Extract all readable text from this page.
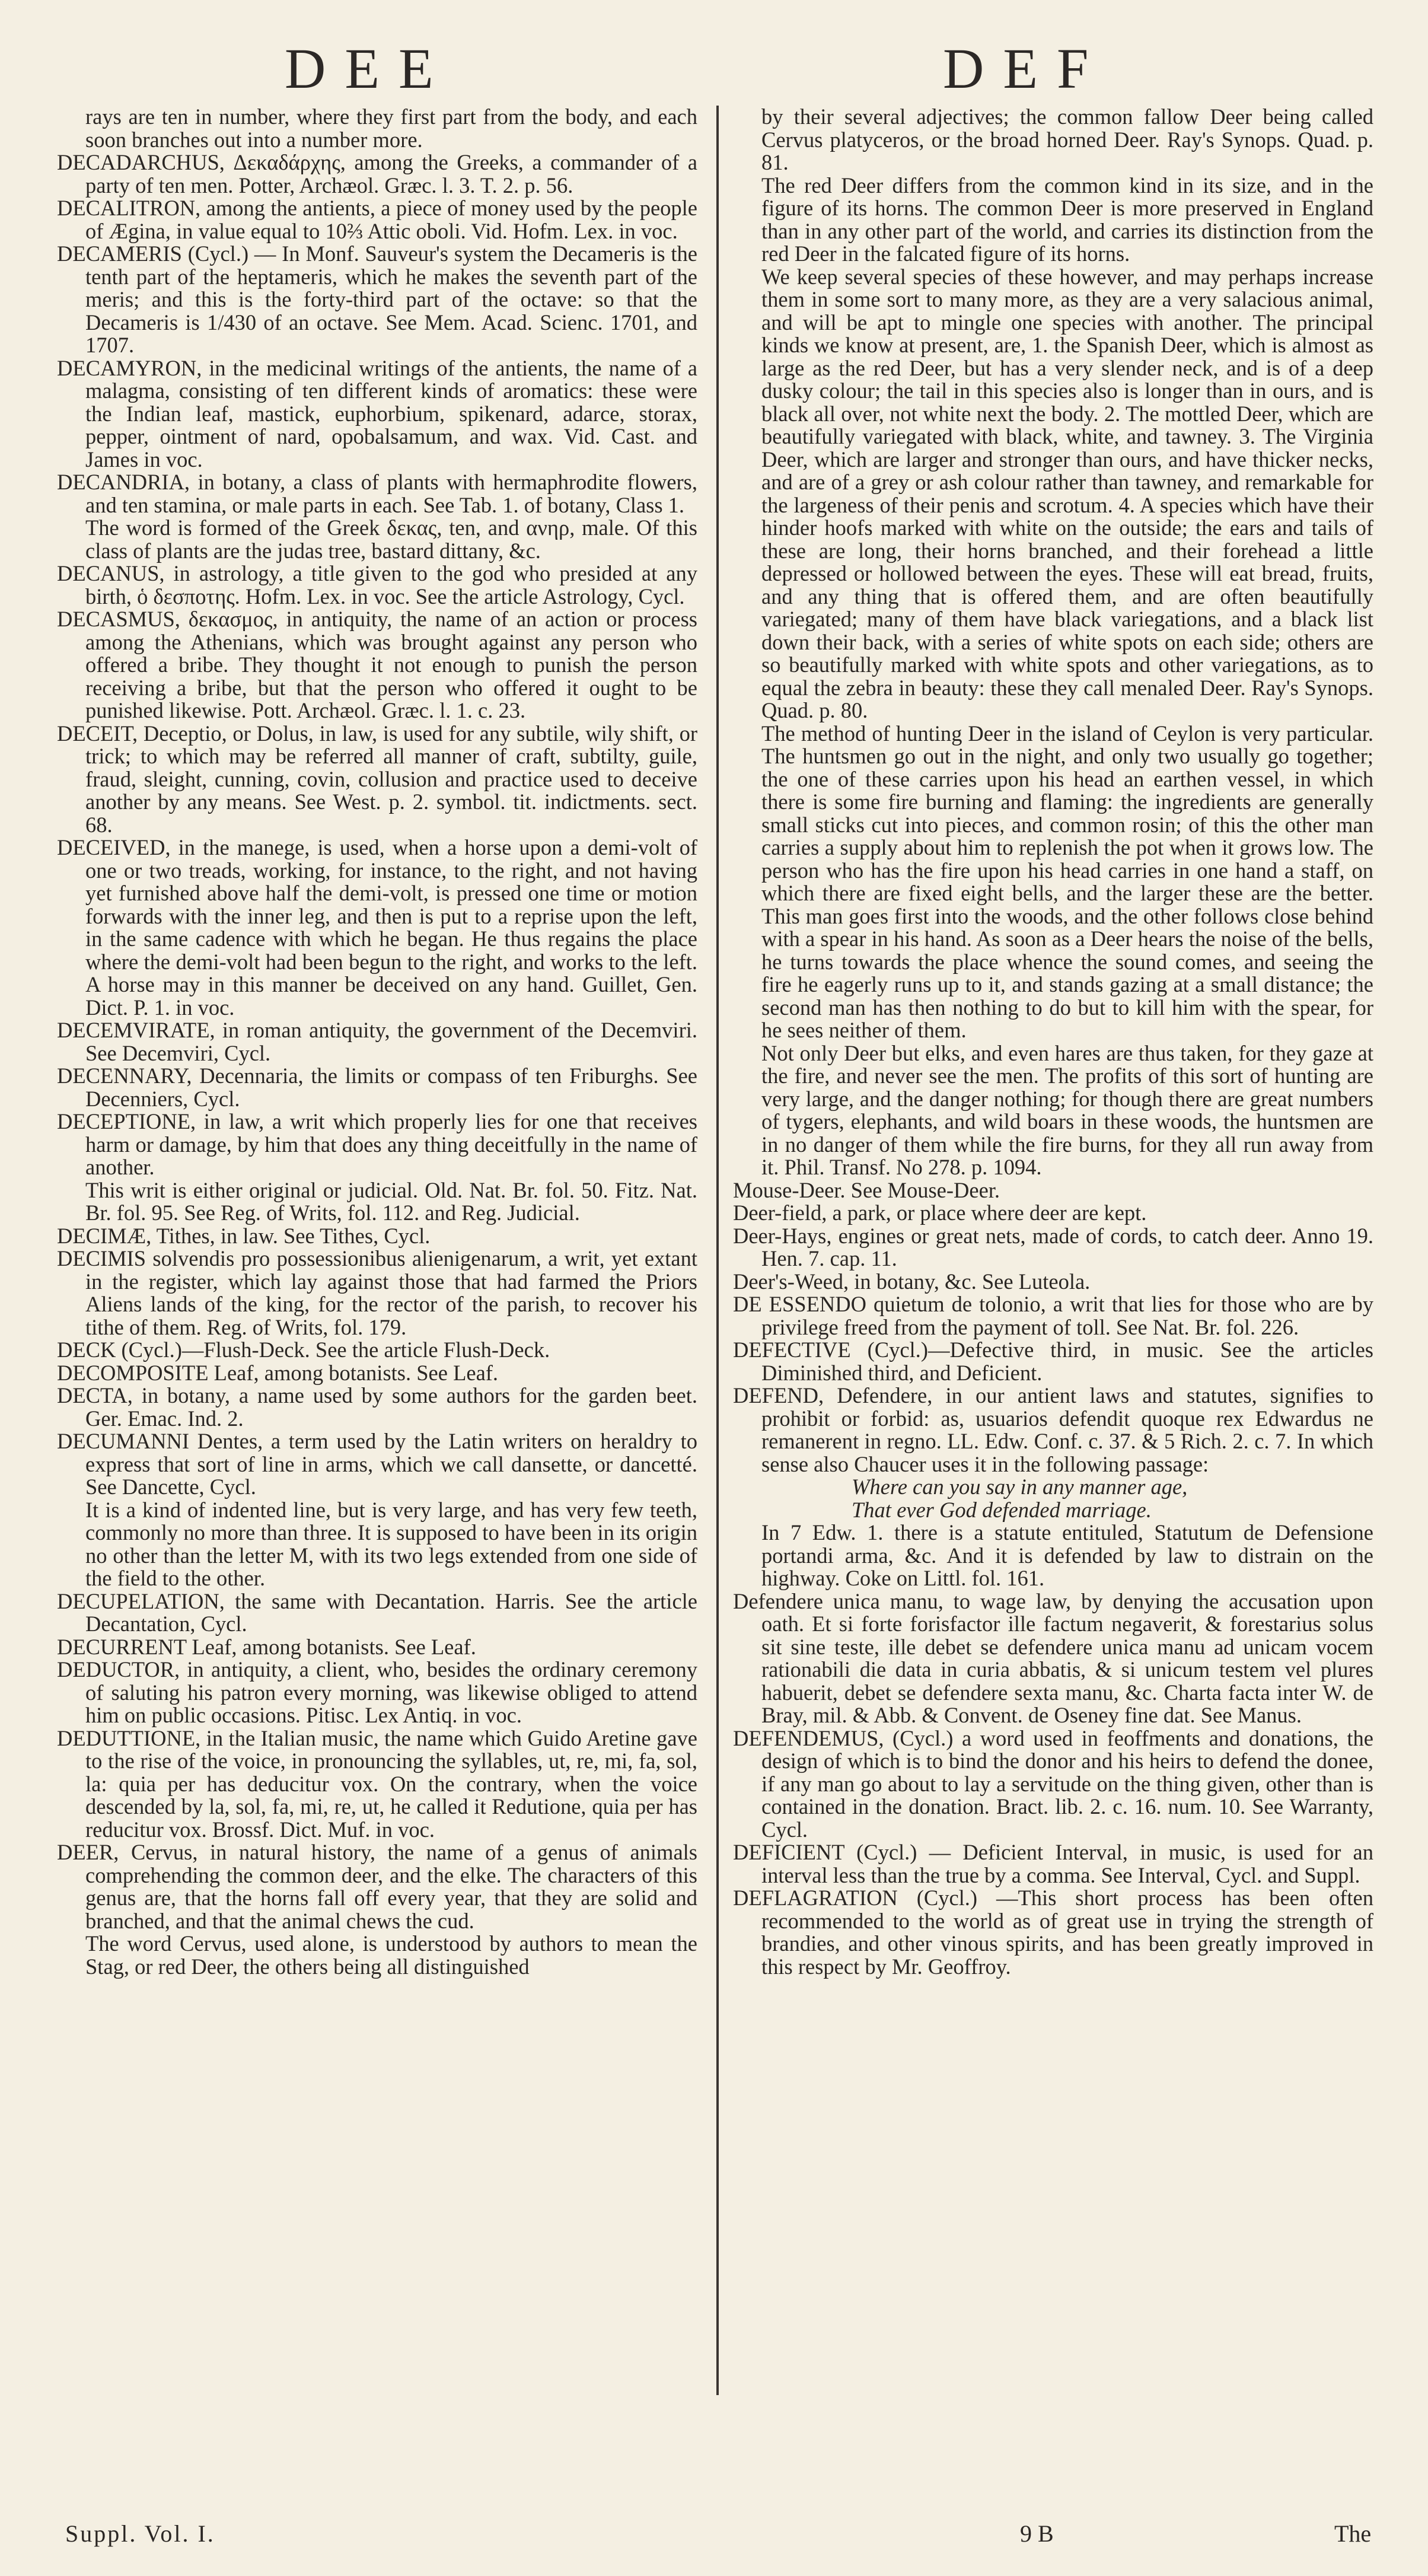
DEE	DEF

rays are ten in number, where they first part from the body, and each soon branches out into a number more.

DECADARCHUS, Δεκαδάρχης, among the Greeks, a commander of a party of ten men. Potter, Archæol. Græc. l. 3. T. 2. p. 56.

DECALITRON, among the antients, a piece of money used by the people of Ægina, in value equal to 10⅔ Attic oboli. Vid. Hofm. Lex. in voc.

DECAMERIS (Cycl.) — In Monf. Sauveur's system the Decameris is the tenth part of the heptameris, which he makes the seventh part of the meris; and this is the forty-third part of the octave: so that the Decameris is 1/430 of an octave. See Mem. Acad. Scienc. 1701, and 1707.

DECAMYRON, in the medicinal writings of the antients, the name of a malagma, consisting of ten different kinds of aromatics: these were the Indian leaf, mastick, euphorbium, spikenard, adarce, storax, pepper, ointment of nard, opobalsamum, and wax. Vid. Cast. and James in voc.

DECANDRIA, in botany, a class of plants with hermaphrodite flowers, and ten stamina, or male parts in each. See Tab. 1. of botany, Class 1.

The word is formed of the Greek δεκας, ten, and ανηρ, male. Of this class of plants are the judas tree, bastard dittany, &c.

DECANUS, in astrology, a title given to the god who presided at any birth, ὁ δεσποτης. Hofm. Lex. in voc. See the article Astrology, Cycl.

DECASMUS, δεκασμος, in antiquity, the name of an action or process among the Athenians, which was brought against any person who offered a bribe. They thought it not enough to punish the person receiving a bribe, but that the person who offered it ought to be punished likewise. Pott. Archæol. Græc. l. 1. c. 23.

DECEIT, Deceptio, or Dolus, in law, is used for any subtile, wily shift, or trick; to which may be referred all manner of craft, subtilty, guile, fraud, sleight, cunning, covin, collusion and practice used to deceive another by any means. See West. p. 2. symbol. tit. indictments. sect. 68.

DECEIVED, in the manege, is used, when a horse upon a demi-volt of one or two treads, working, for instance, to the right, and not having yet furnished above half the demi-volt, is pressed one time or motion forwards with the inner leg, and then is put to a reprise upon the left, in the same cadence with which he began. He thus regains the place where the demi-volt had been begun to the right, and works to the left. A horse may in this manner be deceived on any hand. Guillet, Gen. Dict. P. 1. in voc.

DECEMVIRATE, in roman antiquity, the government of the Decemviri. See Decemviri, Cycl.

DECENNARY, Decennaria, the limits or compass of ten Friburghs. See Decenniers, Cycl.

DECEPTIONE, in law, a writ which properly lies for one that receives harm or damage, by him that does any thing deceitfully in the name of another.

This writ is either original or judicial. Old. Nat. Br. fol. 50. Fitz. Nat. Br. fol. 95. See Reg. of Writs, fol. 112. and Reg. Judicial.

DECIMÆ, Tithes, in law. See Tithes, Cycl.

DECIMIS solvendis pro possessionibus alienigenarum, a writ, yet extant in the register, which lay against those that had farmed the Priors Aliens lands of the king, for the rector of the parish, to recover his tithe of them. Reg. of Writs, fol. 179.

DECK (Cycl.)—Flush-Deck. See the article Flush-Deck.

DECOMPOSITE Leaf, among botanists. See Leaf.

DECTA, in botany, a name used by some authors for the garden beet. Ger. Emac. Ind. 2.

DECUMANNI Dentes, a term used by the Latin writers on heraldry to express that sort of line in arms, which we call dansette, or dancetté. See Dancette, Cycl.

It is a kind of indented line, but is very large, and has very few teeth, commonly no more than three. It is supposed to have been in its origin no other than the letter M, with its two legs extended from one side of the field to the other.

DECUPELATION, the same with Decantation. Harris. See the article Decantation, Cycl.

DECURRENT Leaf, among botanists. See Leaf.

DEDUCTOR, in antiquity, a client, who, besides the ordinary ceremony of saluting his patron every morning, was likewise obliged to attend him on public occasions. Pitisc. Lex Antiq. in voc.

DEDUTTIONE, in the Italian music, the name which Guido Aretine gave to the rise of the voice, in pronouncing the syllables, ut, re, mi, fa, sol, la: quia per has deducitur vox. On the contrary, when the voice descended by la, sol, fa, mi, re, ut, he called it Redutione, quia per has reducitur vox. Brossf. Dict. Muf. in voc.

DEER, Cervus, in natural history, the name of a genus of animals comprehending the common deer, and the elke. The characters of this genus are, that the horns fall off every year, that they are solid and branched, and that the animal chews the cud.

The word Cervus, used alone, is understood by authors to mean the Stag, or red Deer, the others being all distinguished

by their several adjectives; the common fallow Deer being called Cervus platyceros, or the broad horned Deer. Ray's Synops. Quad. p. 81.

The red Deer differs from the common kind in its size, and in the figure of its horns. The common Deer is more preserved in England than in any other part of the world, and carries its distinction from the red Deer in the falcated figure of its horns.

We keep several species of these however, and may perhaps increase them in some sort to many more, as they are a very salacious animal, and will be apt to mingle one species with another. The principal kinds we know at present, are, 1. the Spanish Deer, which is almost as large as the red Deer, but has a very slender neck, and is of a deep dusky colour; the tail in this species also is longer than in ours, and is black all over, not white next the body. 2. The mottled Deer, which are beautifully variegated with black, white, and tawney. 3. The Virginia Deer, which are larger and stronger than ours, and have thicker necks, and are of a grey or ash colour rather than tawney, and remarkable for the largeness of their penis and scrotum. 4. A species which have their hinder hoofs marked with white on the outside; the ears and tails of these are long, their horns branched, and their forehead a little depressed or hollowed between the eyes. These will eat bread, fruits, and any thing that is offered them, and are often beautifully variegated; many of them have black variegations, and a black list down their back, with a series of white spots on each side; others are so beautifully marked with white spots and other variegations, as to equal the zebra in beauty: these they call menaled Deer. Ray's Synops. Quad. p. 80.

The method of hunting Deer in the island of Ceylon is very particular. The huntsmen go out in the night, and only two usually go together; the one of these carries upon his head an earthen vessel, in which there is some fire burning and flaming: the ingredients are generally small sticks cut into pieces, and common rosin; of this the other man carries a supply about him to replenish the pot when it grows low. The person who has the fire upon his head carries in one hand a staff, on which there are fixed eight bells, and the larger these are the better. This man goes first into the woods, and the other follows close behind with a spear in his hand. As soon as a Deer hears the noise of the bells, he turns towards the place whence the sound comes, and seeing the fire he eagerly runs up to it, and stands gazing at a small distance; the second man has then nothing to do but to kill him with the spear, for he sees neither of them.

Not only Deer but elks, and even hares are thus taken, for they gaze at the fire, and never see the men. The profits of this sort of hunting are very large, and the danger nothing; for though there are great numbers of tygers, elephants, and wild boars in these woods, the huntsmen are in no danger of them while the fire burns, for they all run away from it. Phil. Transf. No 278. p. 1094.

Mouse-Deer. See Mouse-Deer.

Deer-field, a park, or place where deer are kept.

Deer-Hays, engines or great nets, made of cords, to catch deer. Anno 19. Hen. 7. cap. 11.

Deer's-Weed, in botany, &c. See Luteola.

DE ESSENDO quietum de tolonio, a writ that lies for those who are by privilege freed from the payment of toll. See Nat. Br. fol. 226.

DEFECTIVE (Cycl.)—Defective third, in music. See the articles Diminished third, and Deficient.

DEFEND, Defendere, in our antient laws and statutes, signifies to prohibit or forbid: as, usuarios defendit quoque rex Edwardus ne remanerent in regno. LL. Edw. Conf. c. 37. & 5 Rich. 2. c. 7. In which sense also Chaucer uses it in the following passage:

Where can you say in any manner age,

That ever God defended marriage.

In 7 Edw. 1. there is a statute entituled, Statutum de Defensione portandi arma, &c. And it is defended by law to distrain on the highway. Coke on Littl. fol. 161.

Defendere unica manu, to wage law, by denying the accusation upon oath. Et si forte forisfactor ille factum negaverit, & forestarius solus sit sine teste, ille debet se defendere unica manu ad unicam vocem rationabili die data in curia abbatis, & si unicum testem vel plures habuerit, debet se defendere sexta manu, &c. Charta facta inter W. de Bray, mil. & Abb. & Convent. de Oseney fine dat. See Manus.

DEFENDEMUS, (Cycl.) a word used in feoffments and donations, the design of which is to bind the donor and his heirs to defend the donee, if any man go about to lay a servitude on the thing given, other than is contained in the donation. Bract. lib. 2. c. 16. num. 10. See Warranty, Cycl.

DEFICIENT (Cycl.) — Deficient Interval, in music, is used for an interval less than the true by a comma. See Interval, Cycl. and Suppl.

DEFLAGRATION (Cycl.) —This short process has been often recommended to the world as of great use in trying the strength of brandies, and other vinous spirits, and has been greatly improved in this respect by Mr. Geoffroy.

Suppl. Vol. I.	9 B	The
